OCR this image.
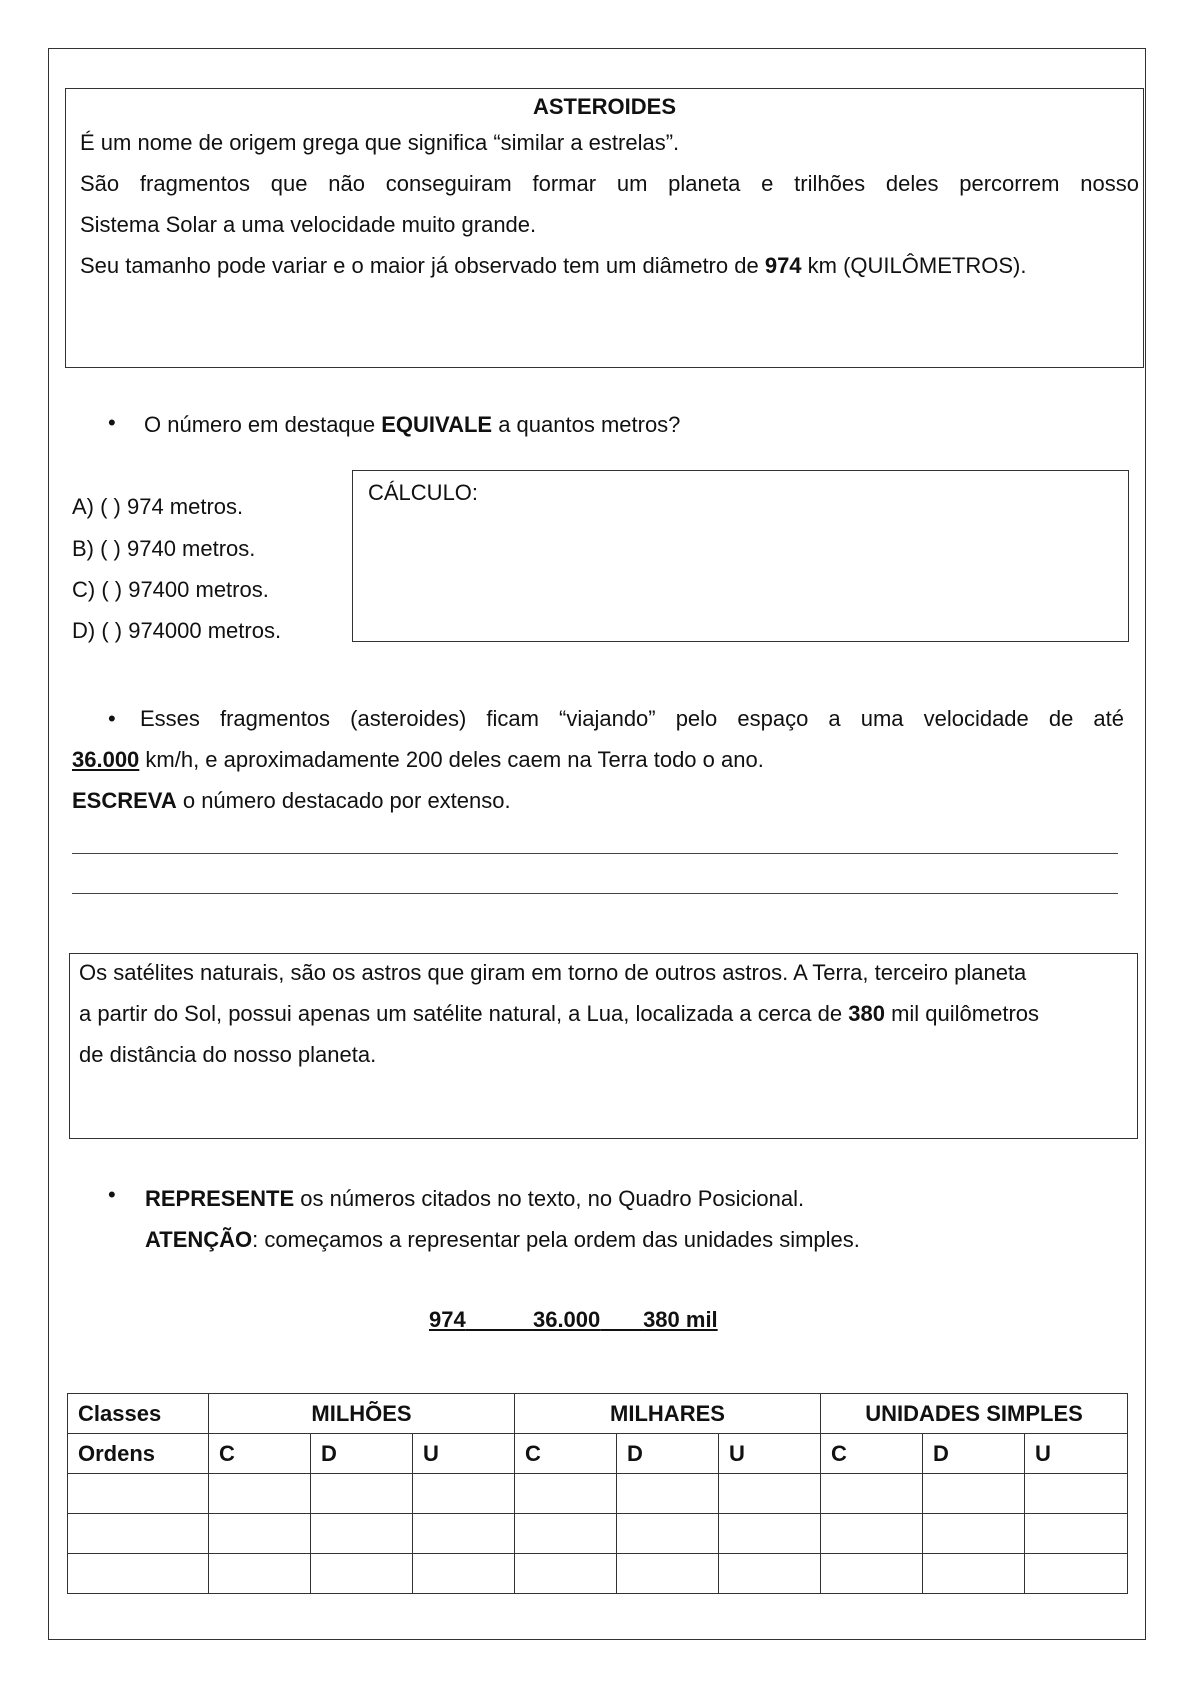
ASTEROIDES
É um nome de origem grega que significa “similar a estrelas”.
São fragmentos que não conseguiram formar um planeta e trilhões deles percorrem nosso
Sistema Solar a uma velocidade muito grande.
Seu tamanho pode variar e o maior já observado tem um diâmetro de 974 km (QUILÔMETROS).
• O número em destaque EQUIVALE a quantos metros?
A) ( ) 974 metros.
B) ( ) 9740 metros.
C) ( ) 97400 metros.
D) ( ) 974000 metros.
CÁLCULO:
• Esses fragmentos (asteroides) ficam “viajando” pelo espaço a uma velocidade de até
36.000 km/h, e aproximadamente 200 deles caem na Terra todo o ano.
ESCREVA o número destacado por extenso.
Os satélites naturais, são os astros que giram em torno de outros astros. A Terra, terceiro planeta
a partir do Sol, possui apenas um satélite natural, a Lua, localizada a cerca de 380 mil quilômetros
de distância do nosso planeta.
• REPRESENTE os números citados no texto, no Quadro Posicional.
ATENÇÃO: começamos a representar pela ordem das unidades simples.
974	36.000 380 mil
Classes	MILHÕES			MILHARES			UNIDADES SIMPLES		
Ordens	C	D	U	C	D	U	C	D	U
